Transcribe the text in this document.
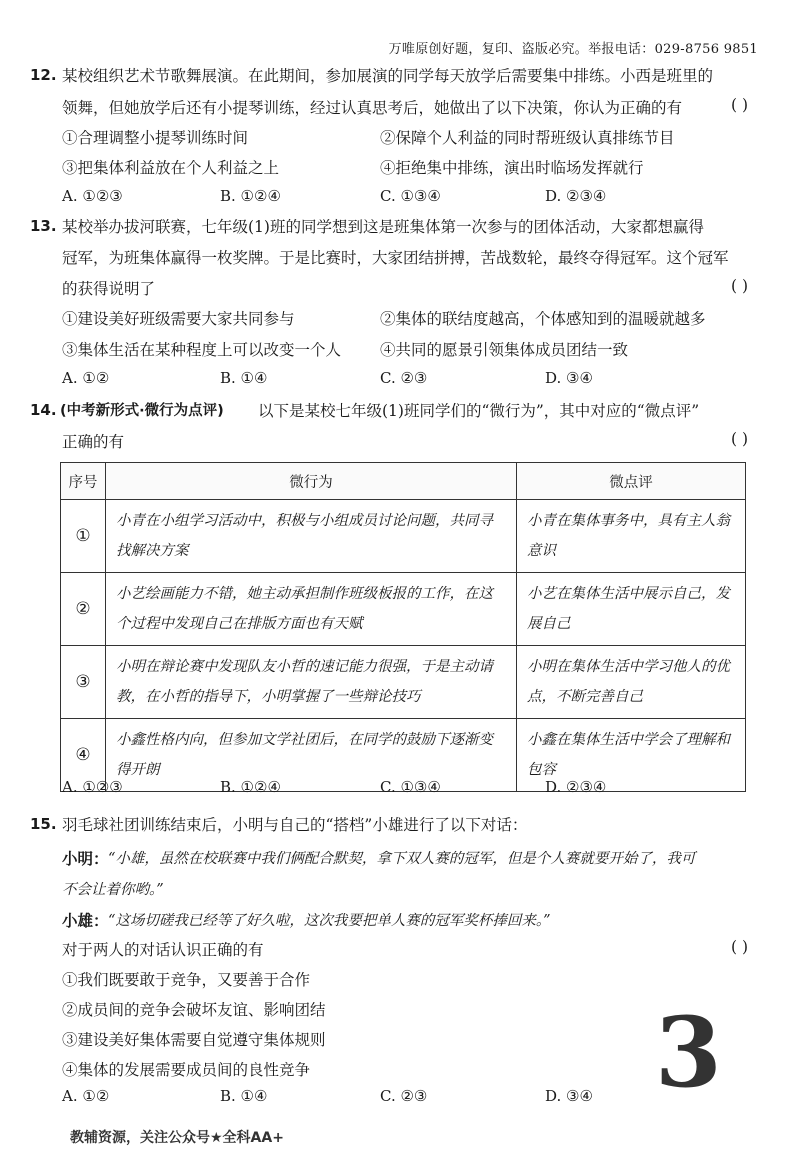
万唯原创好题，复印、盗版必究。举报电话：029-8756 9851
12. 某校组织艺术节歌舞展演。在此期间，参加展演的同学每天放学后需要集中排练。小西是班里的
领舞，但她放学后还有小提琴训练，经过认真思考后，她做出了以下决策，你认为正确的有	( )
①合理调整小提琴训练时间	②保障个人利益的同时帮班级认真排练节目
③把集体利益放在个人利益之上	④拒绝集中排练，演出时临场发挥就行
A. ①②③	B. ①②④	C. ①③④	D. ②③④
13. 某校举办拔河联赛，七年级(1)班的同学想到这是班集体第一次参与的团体活动，大家都想赢得
冠军，为班集体赢得一枚奖牌。于是比赛时，大家团结拼搏，苦战数轮，最终夺得冠军。这个冠军
的获得说明了	( )
①建设美好班级需要大家共同参与	②集体的联结度越高，个体感知到的温暖就越多
③集体生活在某种程度上可以改变一个人	④共同的愿景引领集体成员团结一致
A. ①②	B. ①④	C. ②③	D. ③④
14. (中考新形式·微行为点评) 以下是某校七年级(1)班同学们的“微行为”，其中对应的“微点评”
正确的有	( )
序号	微行为	微点评
①	小青在小组学习活动中，积极与小组成员讨论问题，共同寻找解决方案	小青在集体事务中，具有主人翁意识
②	小艺绘画能力不错，她主动承担制作班级板报的工作，在这个过程中发现自己在排版方面也有天赋	小艺在集体生活中展示自己，发展自己
③	小明在辩论赛中发现队友小哲的速记能力很强，于是主动请教，在小哲的指导下，小明掌握了一些辩论技巧	小明在集体生活中学习他人的优点，不断完善自己
④	小鑫性格内向，但参加文学社团后，在同学的鼓励下逐渐变得开朗	小鑫在集体生活中学会了理解和包容
A. ①②③	B. ①②④	C. ①③④	D. ②③④
15. 羽毛球社团训练结束后，小明与自己的“搭档”小雄进行了以下对话：
小明： “小雄，虽然在校联赛中我们俩配合默契，拿下双人赛的冠军，但是个人赛就要开始了，我可
不会让着你哟。”
小雄： “这场切磋我已经等了好久啦，这次我要把单人赛的冠军奖杯捧回来。”
对于两人的对话认识正确的有	( )
①我们既要敢于竞争，又要善于合作
②成员间的竞争会破坏友谊、影响团结
③建设美好集体需要自觉遵守集体规则
④集体的发展需要成员间的良性竞争
A. ①②	B. ①④	C. ②③	D. ③④ 3
教辅资源，关注公众号★全科AA+
